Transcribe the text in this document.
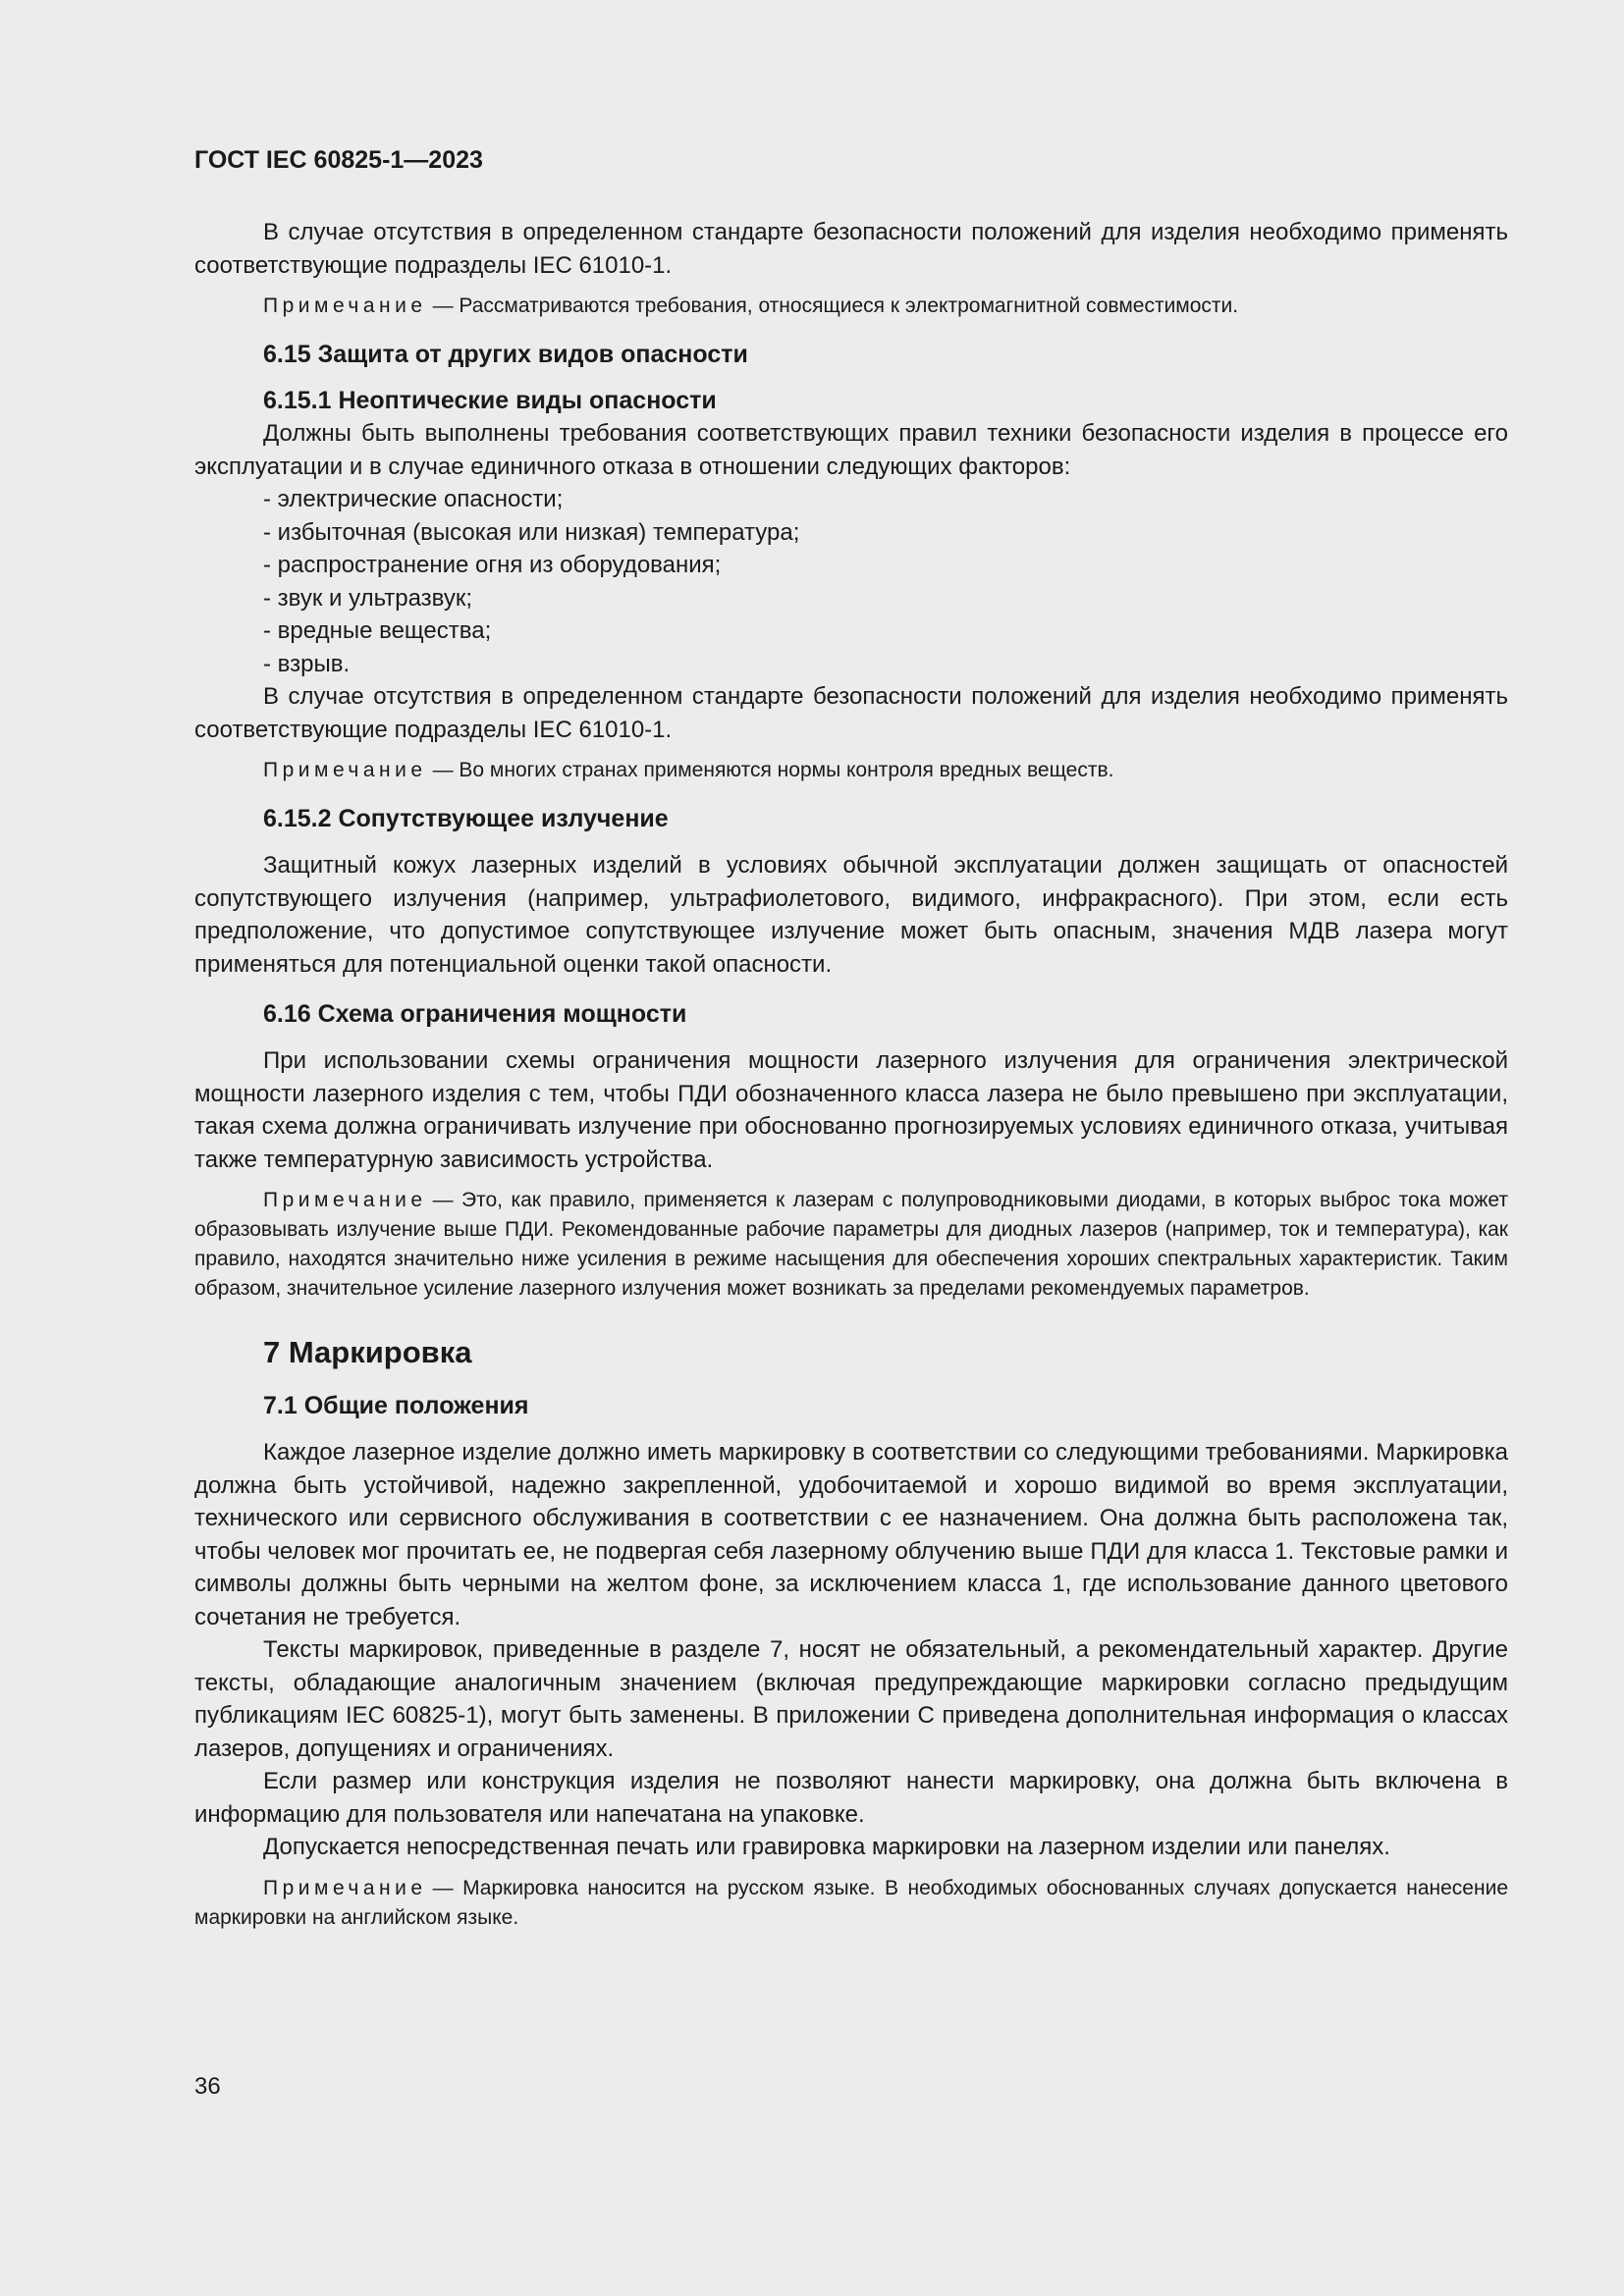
ГОСТ IEC 60825-1—2023

В случае отсутствия в определенном стандарте безопасности положений для изделия необходимо применять соответствующие подразделы IEC 61010-1.

Примечание — Рассматриваются требования, относящиеся к электромагнитной совместимости.
6.15 Защита от других видов опасности
6.15.1 Неоптические виды опасности

Должны быть выполнены требования соответствующих правил техники безопасности изделия в процессе его эксплуатации и в случае единичного отказа в отношении следующих факторов:

- электрические опасности;

- избыточная (высокая или низкая) температура;

- распространение огня из оборудования;

- звук и ультразвук;

- вредные вещества;

- взрыв.

В случае отсутствия в определенном стандарте безопасности положений для изделия необходимо применять соответствующие подразделы IEC 61010-1.

Примечание — Во многих странах применяются нормы контроля вредных веществ.
6.15.2 Сопутствующее излучение

Защитный кожух лазерных изделий в условиях обычной эксплуатации должен защищать от опасностей сопутствующего излучения (например, ультрафиолетового, видимого, инфракрасного). При этом, если есть предположение, что допустимое сопутствующее излучение может быть опасным, значения МДВ лазера могут применяться для потенциальной оценки такой опасности.

6.16 Схема ограничения мощности

При использовании схемы ограничения мощности лазерного излучения для ограничения электрической мощности лазерного изделия с тем, чтобы ПДИ обозначенного класса лазера не было превышено при эксплуатации, такая схема должна ограничивать излучение при обоснованно прогнозируемых условиях единичного отказа, учитывая также температурную зависимость устройства.

Примечание — Это, как правило, применяется к лазерам с полупроводниковыми диодами, в которых выброс тока может образовывать излучение выше ПДИ. Рекомендованные рабочие параметры для диодных лазеров (например, ток и температура), как правило, находятся значительно ниже усиления в режиме насыщения для обеспечения хороших спектральных характеристик. Таким образом, значительное усиление лазерного излучения может возникать за пределами рекомендуемых параметров.
7 Маркировка
7.1 Общие положения

Каждое лазерное изделие должно иметь маркировку в соответствии со следующими требованиями. Маркировка должна быть устойчивой, надежно закрепленной, удобочитаемой и хорошо видимой во время эксплуатации, технического или сервисного обслуживания в соответствии с ее назначением. Она должна быть расположена так, чтобы человек мог прочитать ее, не подвергая себя лазерному облучению выше ПДИ для класса 1. Текстовые рамки и символы должны быть черными на желтом фоне, за исключением класса 1, где использование данного цветового сочетания не требуется.

Тексты маркировок, приведенные в разделе 7, носят не обязательный, а рекомендательный характер. Другие тексты, обладающие аналогичным значением (включая предупреждающие маркировки согласно предыдущим публикациям IEC 60825-1), могут быть заменены. В приложении С приведена дополнительная информация о классах лазеров, допущениях и ограничениях.

Если размер или конструкция изделия не позволяют нанести маркировку, она должна быть включена в информацию для пользователя или напечатана на упаковке.

Допускается непосредственная печать или гравировка маркировки на лазерном изделии или панелях.

Примечание — Маркировка наносится на русском языке. В необходимых обоснованных случаях допускается нанесение маркировки на английском языке.
36
